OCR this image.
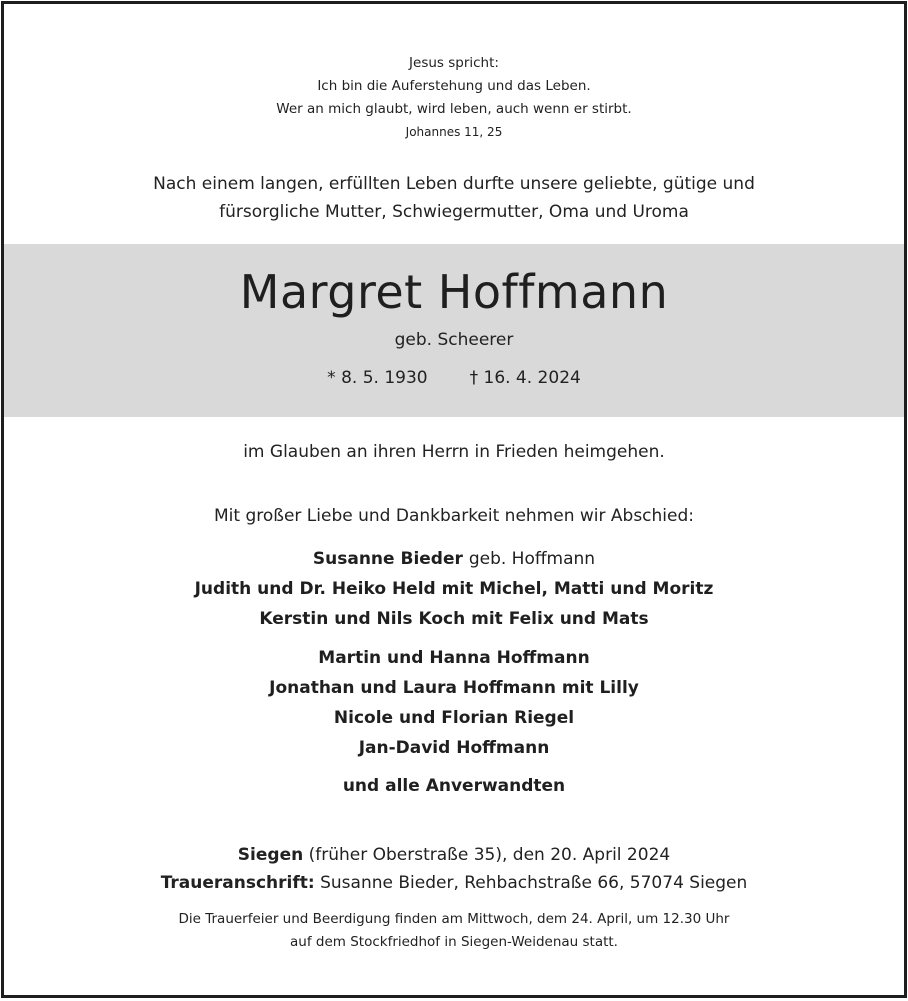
Jesus spricht:
Ich bin die Auferstehung und das Leben.
Wer an mich glaubt, wird leben, auch wenn er stirbt.
Johannes 11, 25
Nach einem langen, erfüllten Leben durfte unsere geliebte, gütige und
fürsorgliche Mutter, Schwiegermutter, Oma und Uroma
Margret Hoffmann
geb. Scheerer
* 8. 5. 1930 † 16. 4. 2024
im Glauben an ihren Herrn in Frieden heimgehen.
Mit großer Liebe und Dankbarkeit nehmen wir Abschied:
Susanne Bieder geb. Hoffmann
Judith und Dr. Heiko Held mit Michel, Matti und Moritz
Kerstin und Nils Koch mit Felix und Mats
Martin und Hanna Hoffmann
Jonathan und Laura Hoffmann mit Lilly
Nicole und Florian Riegel
Jan-David Hoffmann
und alle Anverwandten
Siegen (früher Oberstraße 35), den 20. April 2024
Traueranschrift: Susanne Bieder, Rehbachstraße 66, 57074 Siegen
Die Trauerfeier und Beerdigung finden am Mittwoch, dem 24. April, um 12.30 Uhr
auf dem Stockfriedhof in Siegen-Weidenau statt.
